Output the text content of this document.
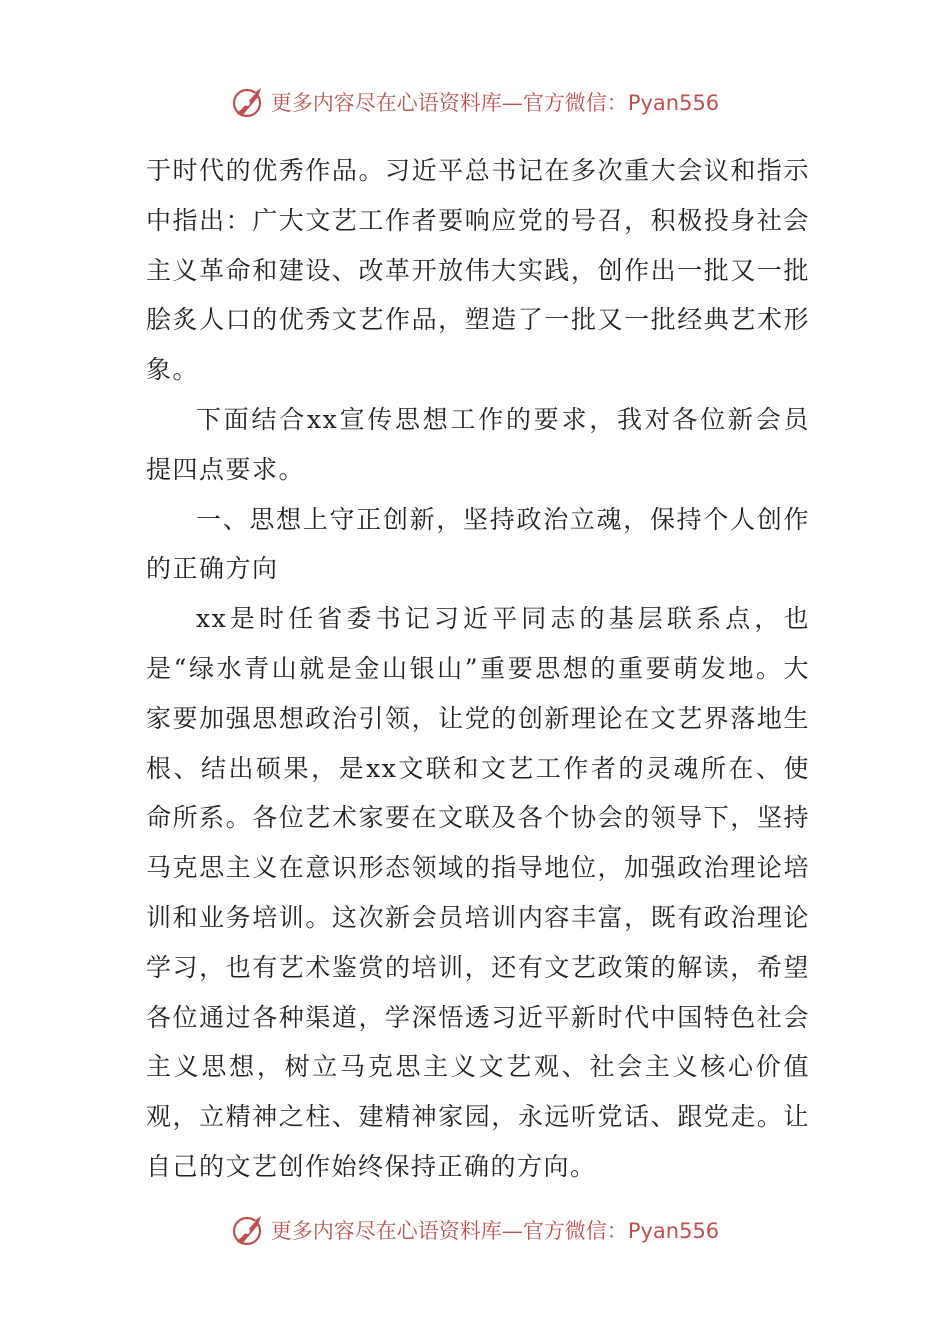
更多内容尽在心语资料库—官方微信：Pyan556

于时代的优秀作品。习近平总书记在多次重大会议和指示中指出：广大文艺工作者要响应党的号召，积极投身社会主义革命和建设、改革开放伟大实践，创作出一批又一批脍炙人口的优秀文艺作品，塑造了一批又一批经典艺术形象。

下面结合xx宣传思想工作的要求，我对各位新会员提四点要求。

一、思想上守正创新，坚持政治立魂，保持个人创作的正确方向

xx是时任省委书记习近平同志的基层联系点，也是“绿水青山就是金山银山”重要思想的重要萌发地。大家要加强思想政治引领，让党的创新理论在文艺界落地生根、结出硕果，是xx文联和文艺工作者的灵魂所在、使命所系。各位艺术家要在文联及各个协会的领导下，坚持马克思主义在意识形态领域的指导地位，加强政治理论培训和业务培训。这次新会员培训内容丰富，既有政治理论学习，也有艺术鉴赏的培训，还有文艺政策的解读，希望各位通过各种渠道，学深悟透习近平新时代中国特色社会主义思想，树立马克思主义文艺观、社会主义核心价值观，立精神之柱、建精神家园，永远听党话、跟党走。让自己的文艺创作始终保持正确的方向。

更多内容尽在心语资料库—官方微信：Pyan556
